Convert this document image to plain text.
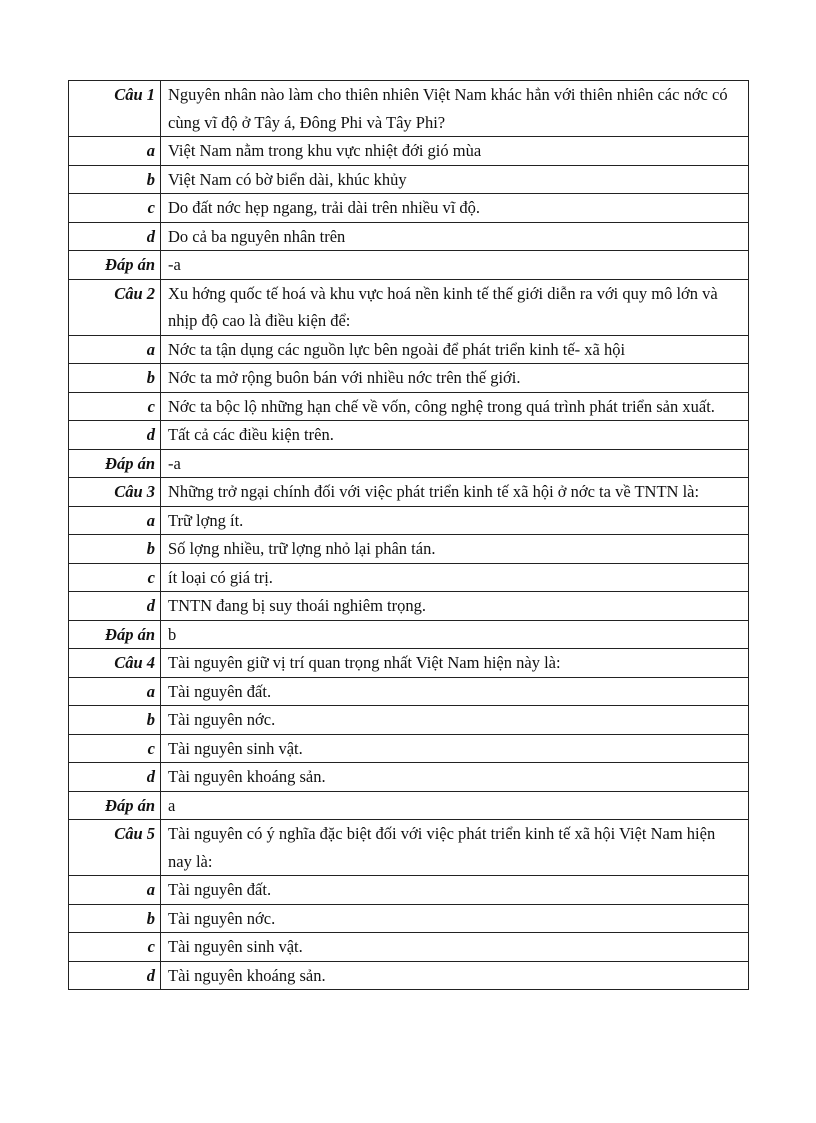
Câu 1	Nguyên nhân nào làm cho thiên nhiên Việt Nam khác hẳn với thiên nhiên các nớc có cùng vĩ độ ở Tây á, Đông Phi và Tây Phi?
a	Việt Nam nằm trong khu vực nhiệt đới gió mùa
b	Việt Nam có bờ biển dài, khúc khủy
c	Do đất nớc hẹp ngang, trải dài trên nhiều vĩ độ.
d	Do cả ba nguyên nhân trên
Đáp án	-a
Câu 2	Xu hớng quốc tế hoá và khu vực hoá nền kinh tế thế giới diễn ra với quy mô lớn và nhịp độ cao là điều kiện để:
a	Nớc ta tận dụng các nguồn lực bên ngoài để phát triển kinh tế- xã hội
b	Nớc ta mở rộng buôn bán với nhiều nớc trên thế giới.
c	Nớc ta bộc lộ những hạn chế về vốn, công nghệ trong quá trình phát triển sản xuất.
d	Tất cả các điều kiện trên.
Đáp án	-a
Câu 3	Những trở ngại chính đối với việc phát triển kinh tế xã hội ở nớc ta về TNTN là:
a	Trữ lợng ít.
b	Số lợng nhiều, trữ lợng nhỏ lại phân tán.
c	ít loại có giá trị.
d	TNTN đang bị suy thoái nghiêm trọng.
Đáp án	b
Câu 4	Tài nguyên giữ vị trí quan trọng nhất Việt Nam hiện này là:
a	Tài nguyên đất.
b	Tài nguyên nớc.
c	Tài nguyên sinh vật.
d	Tài nguyên khoáng sản.
Đáp án	a
Câu 5	Tài nguyên có ý nghĩa đặc biệt đối với việc phát triển kinh tế xã hội Việt Nam hiện nay là:
a	Tài nguyên đất.
b	Tài nguyên nớc.
c	Tài nguyên sinh vật.
d	Tài nguyên khoáng sản.
